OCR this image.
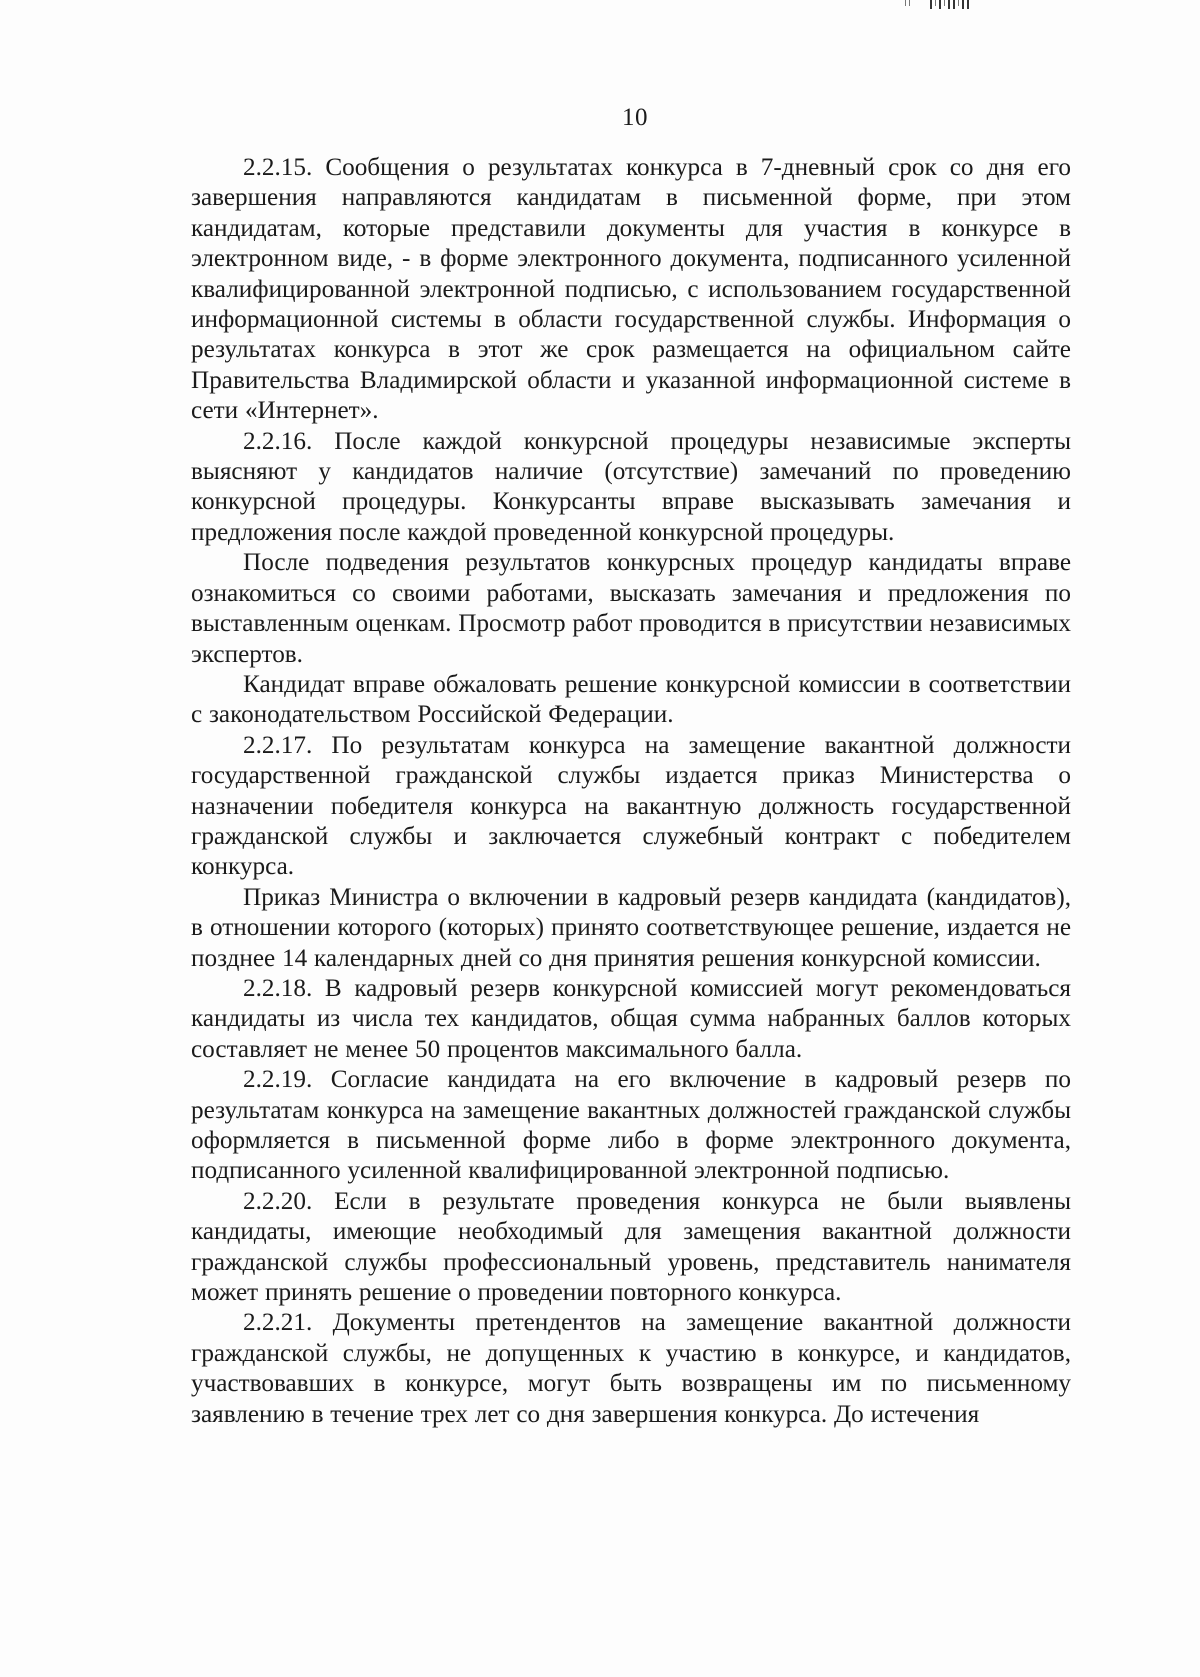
10

2.2.15. Сообщения о результатах конкурса в 7-дневный срок со дня его завершения направляются кандидатам в письменной форме, при этом кандидатам, которые представили документы для участия в конкурсе в электронном виде, - в форме электронного документа, подписанного усиленной квалифицированной электронной подписью, с использованием государственной информационной системы в области государственной службы. Информация о результатах конкурса в этот же срок размещается на официальном сайте Правительства Владимирской области и указанной информационной системе в сети «Интернет».

2.2.16. После каждой конкурсной процедуры независимые эксперты выясняют у кандидатов наличие (отсутствие) замечаний по проведению конкурсной процедуры. Конкурсанты вправе высказывать замечания и предложения после каждой проведенной конкурсной процедуры.

После подведения результатов конкурсных процедур кандидаты вправе ознакомиться со своими работами, высказать замечания и предложения по выставленным оценкам. Просмотр работ проводится в присутствии независимых экспертов.

Кандидат вправе обжаловать решение конкурсной комиссии в соответствии с законодательством Российской Федерации.

2.2.17. По результатам конкурса на замещение вакантной должности государственной гражданской службы издается приказ Министерства о назначении победителя конкурса на вакантную должность государственной гражданской службы и заключается служебный контракт с победителем конкурса.

Приказ Министра о включении в кадровый резерв кандидата (кандидатов), в отношении которого (которых) принято соответствующее решение, издается не позднее 14 календарных дней со дня принятия решения конкурсной комиссии.

2.2.18. В кадровый резерв конкурсной комиссией могут рекомендоваться кандидаты из числа тех кандидатов, общая сумма набранных баллов которых составляет не менее 50 процентов максимального балла.

2.2.19. Согласие кандидата на его включение в кадровый резерв по результатам конкурса на замещение вакантных должностей гражданской службы оформляется в письменной форме либо в форме электронного документа, подписанного усиленной квалифицированной электронной подписью.

2.2.20. Если в результате проведения конкурса не были выявлены кандидаты, имеющие необходимый для замещения вакантной должности гражданской службы профессиональный уровень, представитель нанимателя может принять решение о проведении повторного конкурса.

2.2.21. Документы претендентов на замещение вакантной должности гражданской службы, не допущенных к участию в конкурсе, и кандидатов, участвовавших в конкурсе, могут быть возвращены им по письменному заявлению в течение трех лет со дня завершения конкурса. До истечения
